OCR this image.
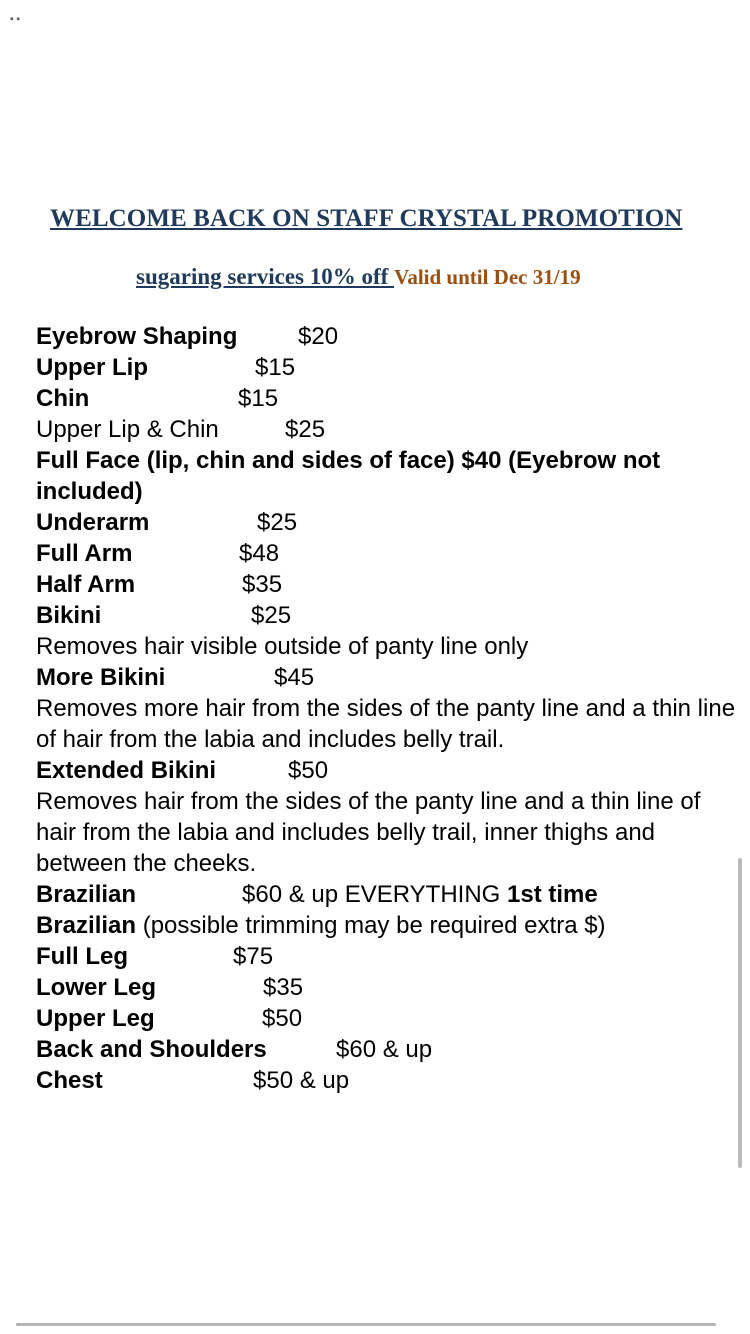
▪ ▪
WELCOME BACK ON STAFF CRYSTAL PROMOTION
sugaring services 10% off Valid until Dec 31/19
Eyebrow Shaping	$20
Upper Lip	$15
Chin	$15
Upper Lip & Chin	$25
Full Face (lip, chin and sides of face) $40 (Eyebrow not included)
Underarm	$25
Full Arm	$48
Half Arm	$35
Bikini	$25
Removes hair visible outside of panty line only
More Bikini	$45
Removes more hair from the sides of the panty line and a thin line of hair from the labia and includes belly trail.
Extended Bikini	$50
Removes hair from the sides of the panty line and a thin line of hair from the labia and includes belly trail, inner thighs and between the cheeks.
Brazilian	$60 & up EVERYTHING 1st time
Brazilian (possible trimming may be required extra $)
Full Leg	$75
Lower Leg	$35
Upper Leg	$50
Back and Shoulders	$60 & up
Chest	$50 & up
